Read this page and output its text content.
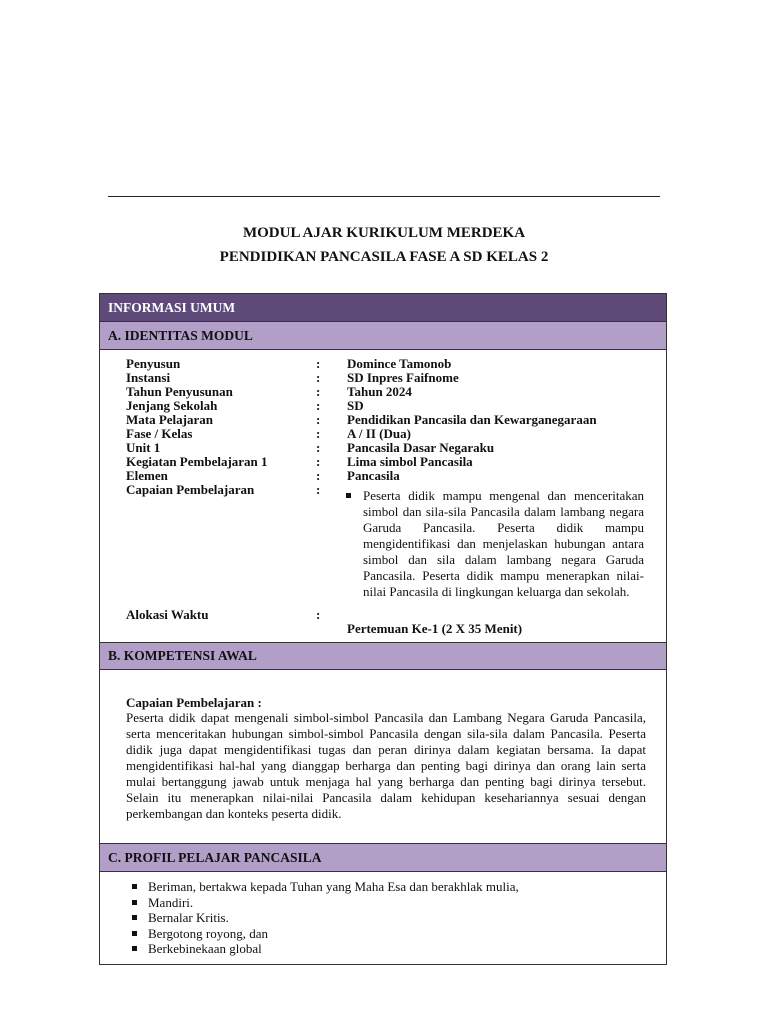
MODUL AJAR KURIKULUM MERDEKA
PENDIDIKAN PANCASILA FASE A SD KELAS 2
INFORMASI UMUM
A. IDENTITAS MODUL
Penyusun	: Domince Tamonob
Instansi	: SD Inpres Faifnome
Tahun Penyusunan	: Tahun 2024
Jenjang Sekolah	: SD
Mata Pelajaran	: Pendidikan Pancasila dan Kewarganegaraan
Fase / Kelas	: A / II (Dua)
Unit 1	: Pancasila Dasar Negaraku
Kegiatan Pembelajaran 1	: Lima simbol Pancasila
Elemen	: Pancasila
Capaian Pembelajaran	:	Peserta didik mampu mengenal dan menceritakan simbol dan sila-sila Pancasila dalam lambang negara Garuda Pancasila. Peserta didik mampu mengidentifikasi dan menjelaskan hubungan antara simbol dan sila dalam lambang negara Garuda Pancasila. Peserta didik mampu menerapkan nilai-nilai Pancasila di lingkungan keluarga dan sekolah.
Alokasi Waktu	:
Pertemuan Ke-1 (2 X 35 Menit)
B. KOMPETENSI AWAL
Capaian Pembelajaran :
Peserta didik dapat mengenali simbol-simbol Pancasila dan Lambang Negara Garuda Pancasila, serta menceritakan hubungan simbol-simbol Pancasila dengan sila-sila dalam Pancasila. Peserta didik juga dapat mengidentifikasi tugas dan peran dirinya dalam kegiatan bersama. Ia dapat mengidentifikasi hal-hal yang dianggap berharga dan penting bagi dirinya dan orang lain serta mulai bertanggung jawab untuk menjaga hal yang berharga dan penting bagi dirinya tersebut. Selain itu menerapkan nilai-nilai Pancasila dalam kehidupan kesehariannya sesuai dengan perkembangan dan konteks peserta didik.
C. PROFIL PELAJAR PANCASILA
Beriman, bertakwa kepada Tuhan yang Maha Esa dan berakhlak mulia,
Mandiri.
Bernalar Kritis.
Bergotong royong, dan
Berkebinekaan global
